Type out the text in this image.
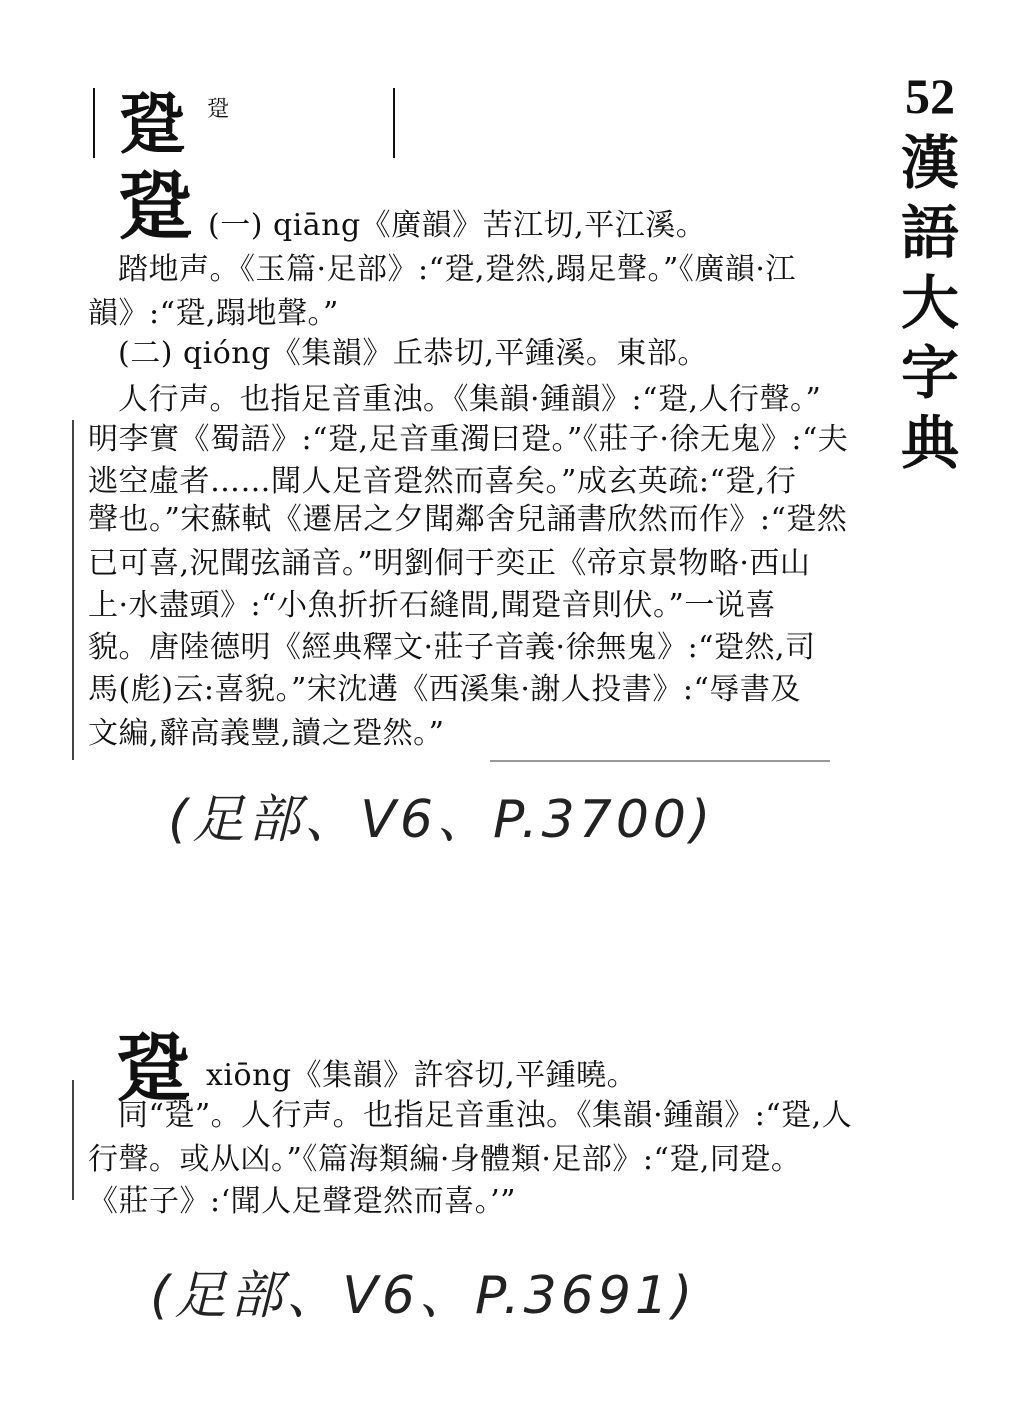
跫 跫	52
漢
語
大
字
典
跫 (一) qiāng《廣韻》苦江切,平江溪。
踏地声。《玉篇·足部》:“跫,跫然,蹋足聲。”《廣韻·江
韻》:“跫,蹋地聲。”
(二) qióng《集韻》丘恭切,平鍾溪。東部。
人行声。也指足音重浊。《集韻·鍾韻》:“跫,人行聲。”
明李實《蜀語》:“跫,足音重濁曰跫。”《莊子·徐无鬼》:“夫
逃空虛者……聞人足音跫然而喜矣。”成玄英疏:“跫,行
聲也。”宋蘇軾《遷居之夕聞鄰舍兒誦書欣然而作》:“跫然
已可喜,況聞弦誦音。”明劉侗于奕正《帝京景物略·西山
上·水盡頭》:“小魚折折石縫間,聞跫音則伏。”一说喜
貌。唐陸德明《經典釋文·莊子音義·徐無鬼》:“跫然,司
馬(彪)云:喜貌。”宋沈遘《西溪集·謝人投書》:“辱書及
文編,辭高義豐,讀之跫然。”
(足部、V6、P.3700)
跫 xiōng《集韻》許容切,平鍾曉。
同“跫”。人行声。也指足音重浊。《集韻·鍾韻》:“跫,人
行聲。或从凶。”《篇海類編·身體類·足部》:“跫,同跫。
《莊子》:‘聞人足聲跫然而喜。’”
(足部、V6、P.3691)
